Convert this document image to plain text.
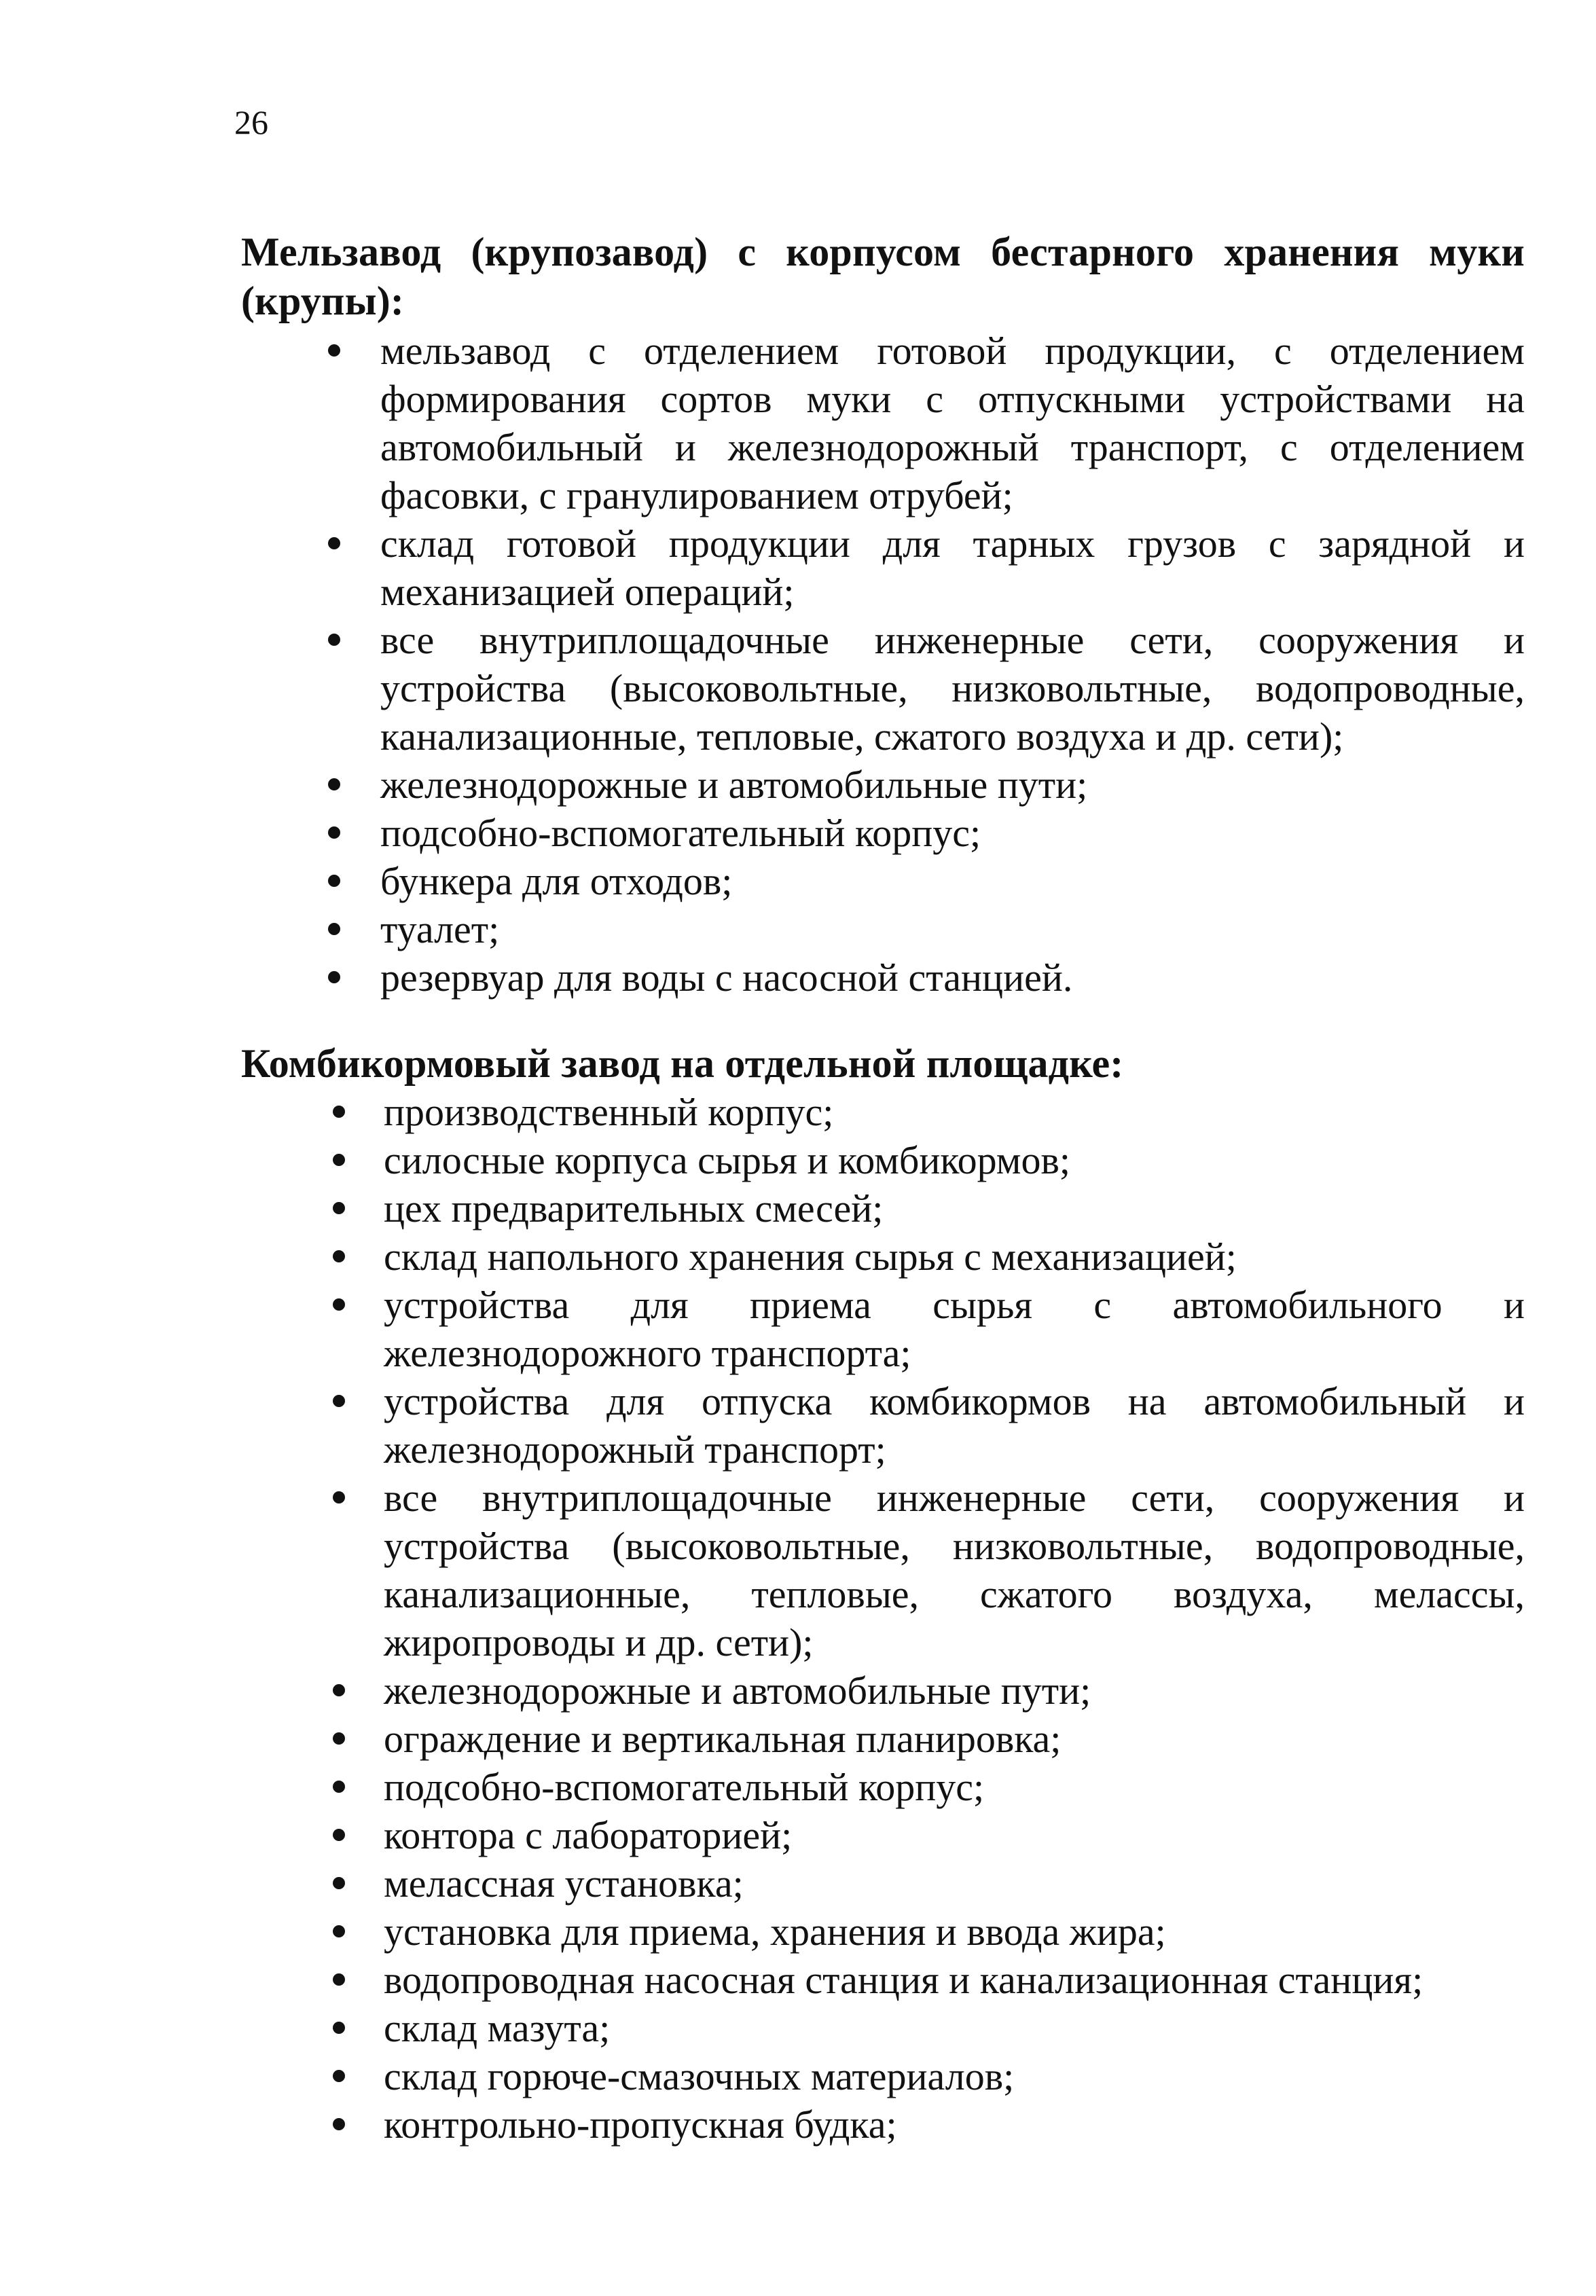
26
Мельзавод (крупозавод) с корпусом бестарного хранения муки (крупы):
мельзавод с отделением готовой продукции, с отделением формирования сортов муки с отпускными устройствами на автомобильный и железнодорожный транспорт, с отделением фасовки, с гранулированием отрубей;
склад готовой продукции для тарных грузов с зарядной и механизацией операций;
все внутриплощадочные инженерные сети, сооружения и устройства (высоковольтные, низковольтные, водопроводные, канализационные, тепловые, сжатого воздуха и др. сети);
железнодорожные и автомобильные пути;
подсобно-вспомогательный корпус;
бункера для отходов;
туалет;
резервуар для воды с насосной станцией.
Комбикормовый завод на отдельной площадке:
производственный корпус;
силосные корпуса сырья и комбикормов;
цех предварительных смесей;
склад напольного хранения сырья с механизацией;
устройства для приема сырья с автомобильного и железнодорожного транспорта;
устройства для отпуска комбикормов на автомобильный и железнодорожный транспорт;
все внутриплощадочные инженерные сети, сооружения и устройства (высоковольтные, низковольтные, водопроводные, канализационные, тепловые, сжатого воздуха, мелассы, жиропроводы и др. сети);
железнодорожные и автомобильные пути;
ограждение и вертикальная планировка;
подсобно-вспомогательный корпус;
контора с лабораторией;
мелассная установка;
установка для приема, хранения и ввода жира;
водопроводная насосная станция и канализационная станция;
склад мазута;
склад горюче-смазочных материалов;
контрольно-пропускная будка;
